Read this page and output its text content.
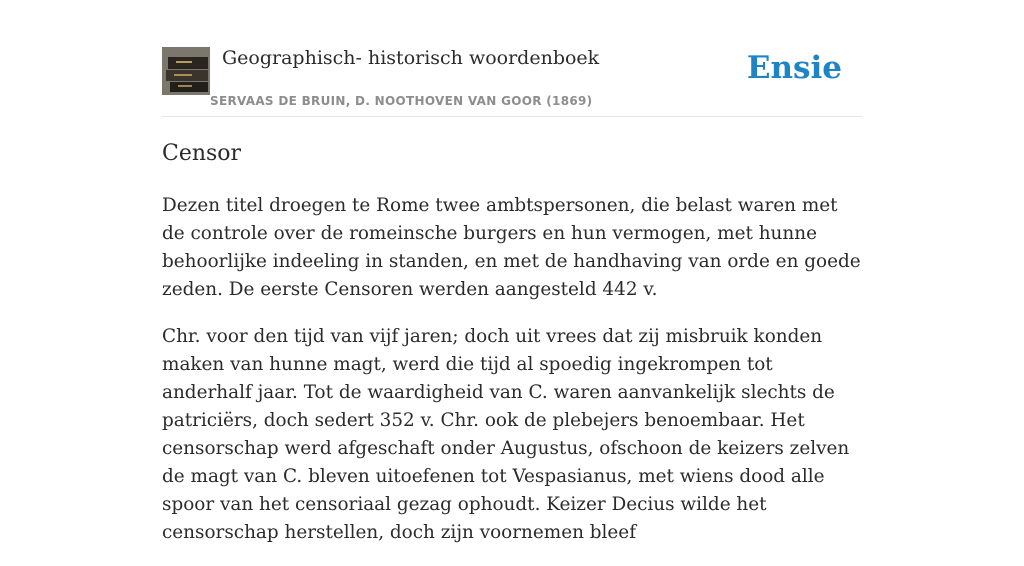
Geographisch- historisch woordenboek
SERVAAS DE BRUIN, D. NOOTHOVEN VAN GOOR (1869)
Ensie
Censor

Dezen titel droegen te Rome twee ambtspersonen, die belast waren met de controle over de romeinsche burgers en hun vermogen, met hunne behoorlijke indeeling in standen, en met de handhaving van orde en goede zeden. De eerste Censoren werden aangesteld 442 v.

Chr. voor den tijd van vijf jaren; doch uit vrees dat zij misbruik konden maken van hunne magt, werd die tijd al spoedig ingekrompen tot anderhalf jaar. Tot de waardigheid van C. waren aanvankelijk slechts de patriciërs, doch sedert 352 v. Chr. ook de plebejers benoembaar. Het censorschap werd afgeschaft onder Augustus, ofschoon de keizers zelven de magt van C. bleven uitoefenen tot Vespasianus, met wiens dood alle spoor van het censoriaal gezag ophoudt. Keizer Decius wilde het censorschap herstellen, doch zijn voornemen bleef
